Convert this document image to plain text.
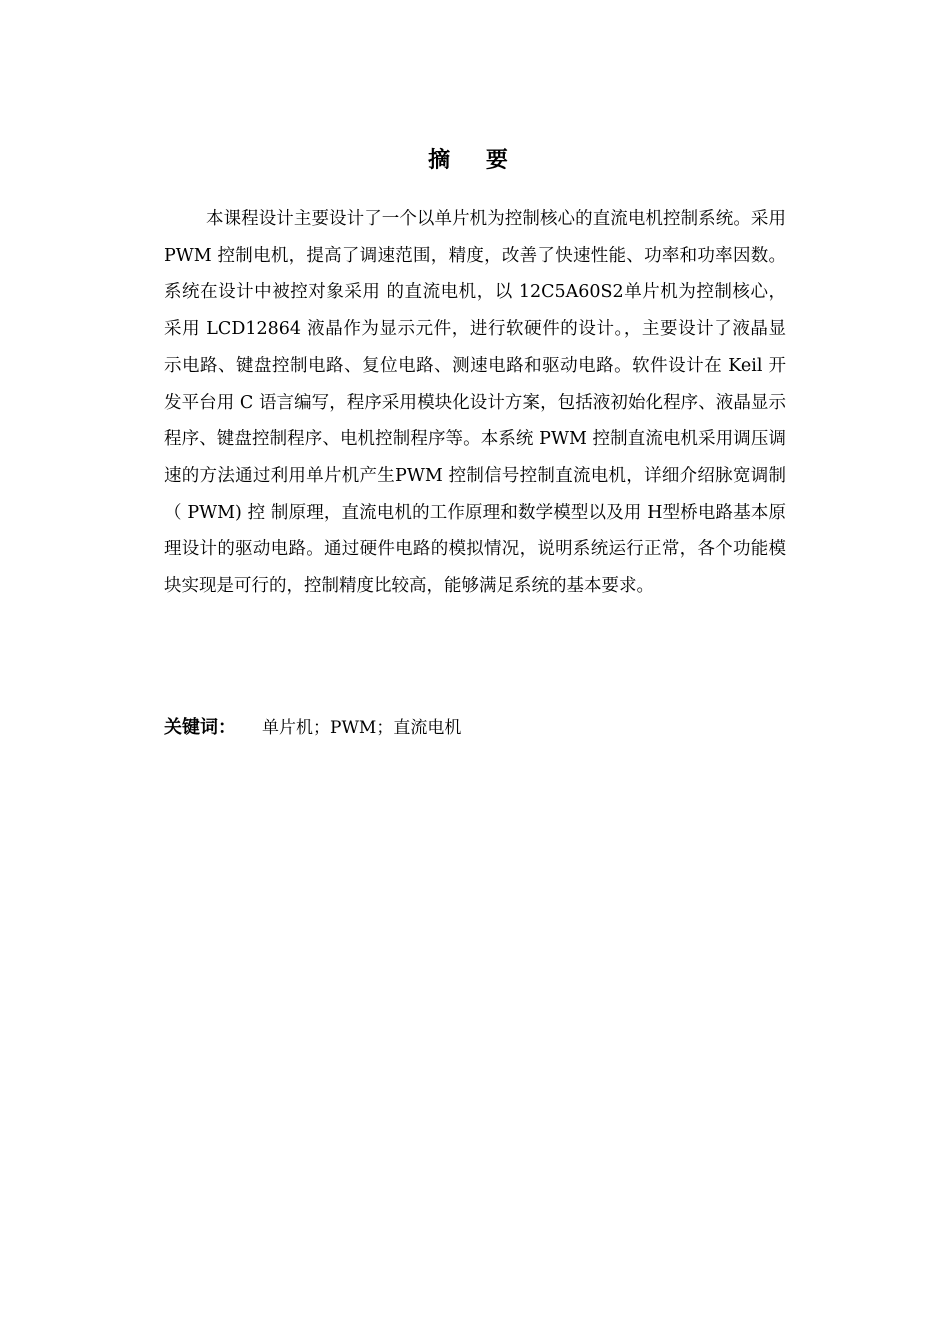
摘 要

本课程设计主要设计了一个以单片机为控制核心的直流电机控制系统。采用PWM 控制电机，提高了调速范围，精度，改善了快速性能、功率和功率因数。系统在设计中被控对象采用 的直流电机，以 12C5A60S2单片机为控制核心，采用 LCD12864 液晶作为显示元件，进行软硬件的设计。，主要设计了液晶显示电路、键盘控制电路、复位电路、测速电路和驱动电路。软件设计在 Keil 开发平台用 C 语言编写，程序采用模块化设计方案，包括液初始化程序、液晶显示程序、键盘控制程序、电机控制程序等。本系统 PWM 控制直流电机采用调压调速的方法通过利用单片机产生PWM 控制信号控制直流电机，详细介绍脉宽调制（ PWM) 控 制原理，直流电机的工作原理和数学模型以及用 H型桥电路基本原理设计的驱动电路。通过硬件电路的模拟情况，说明系统运行正常，各个功能模块实现是可行的，控制精度比较高，能够满足系统的基本要求。

关键词： 单片机；PWM；直流电机
